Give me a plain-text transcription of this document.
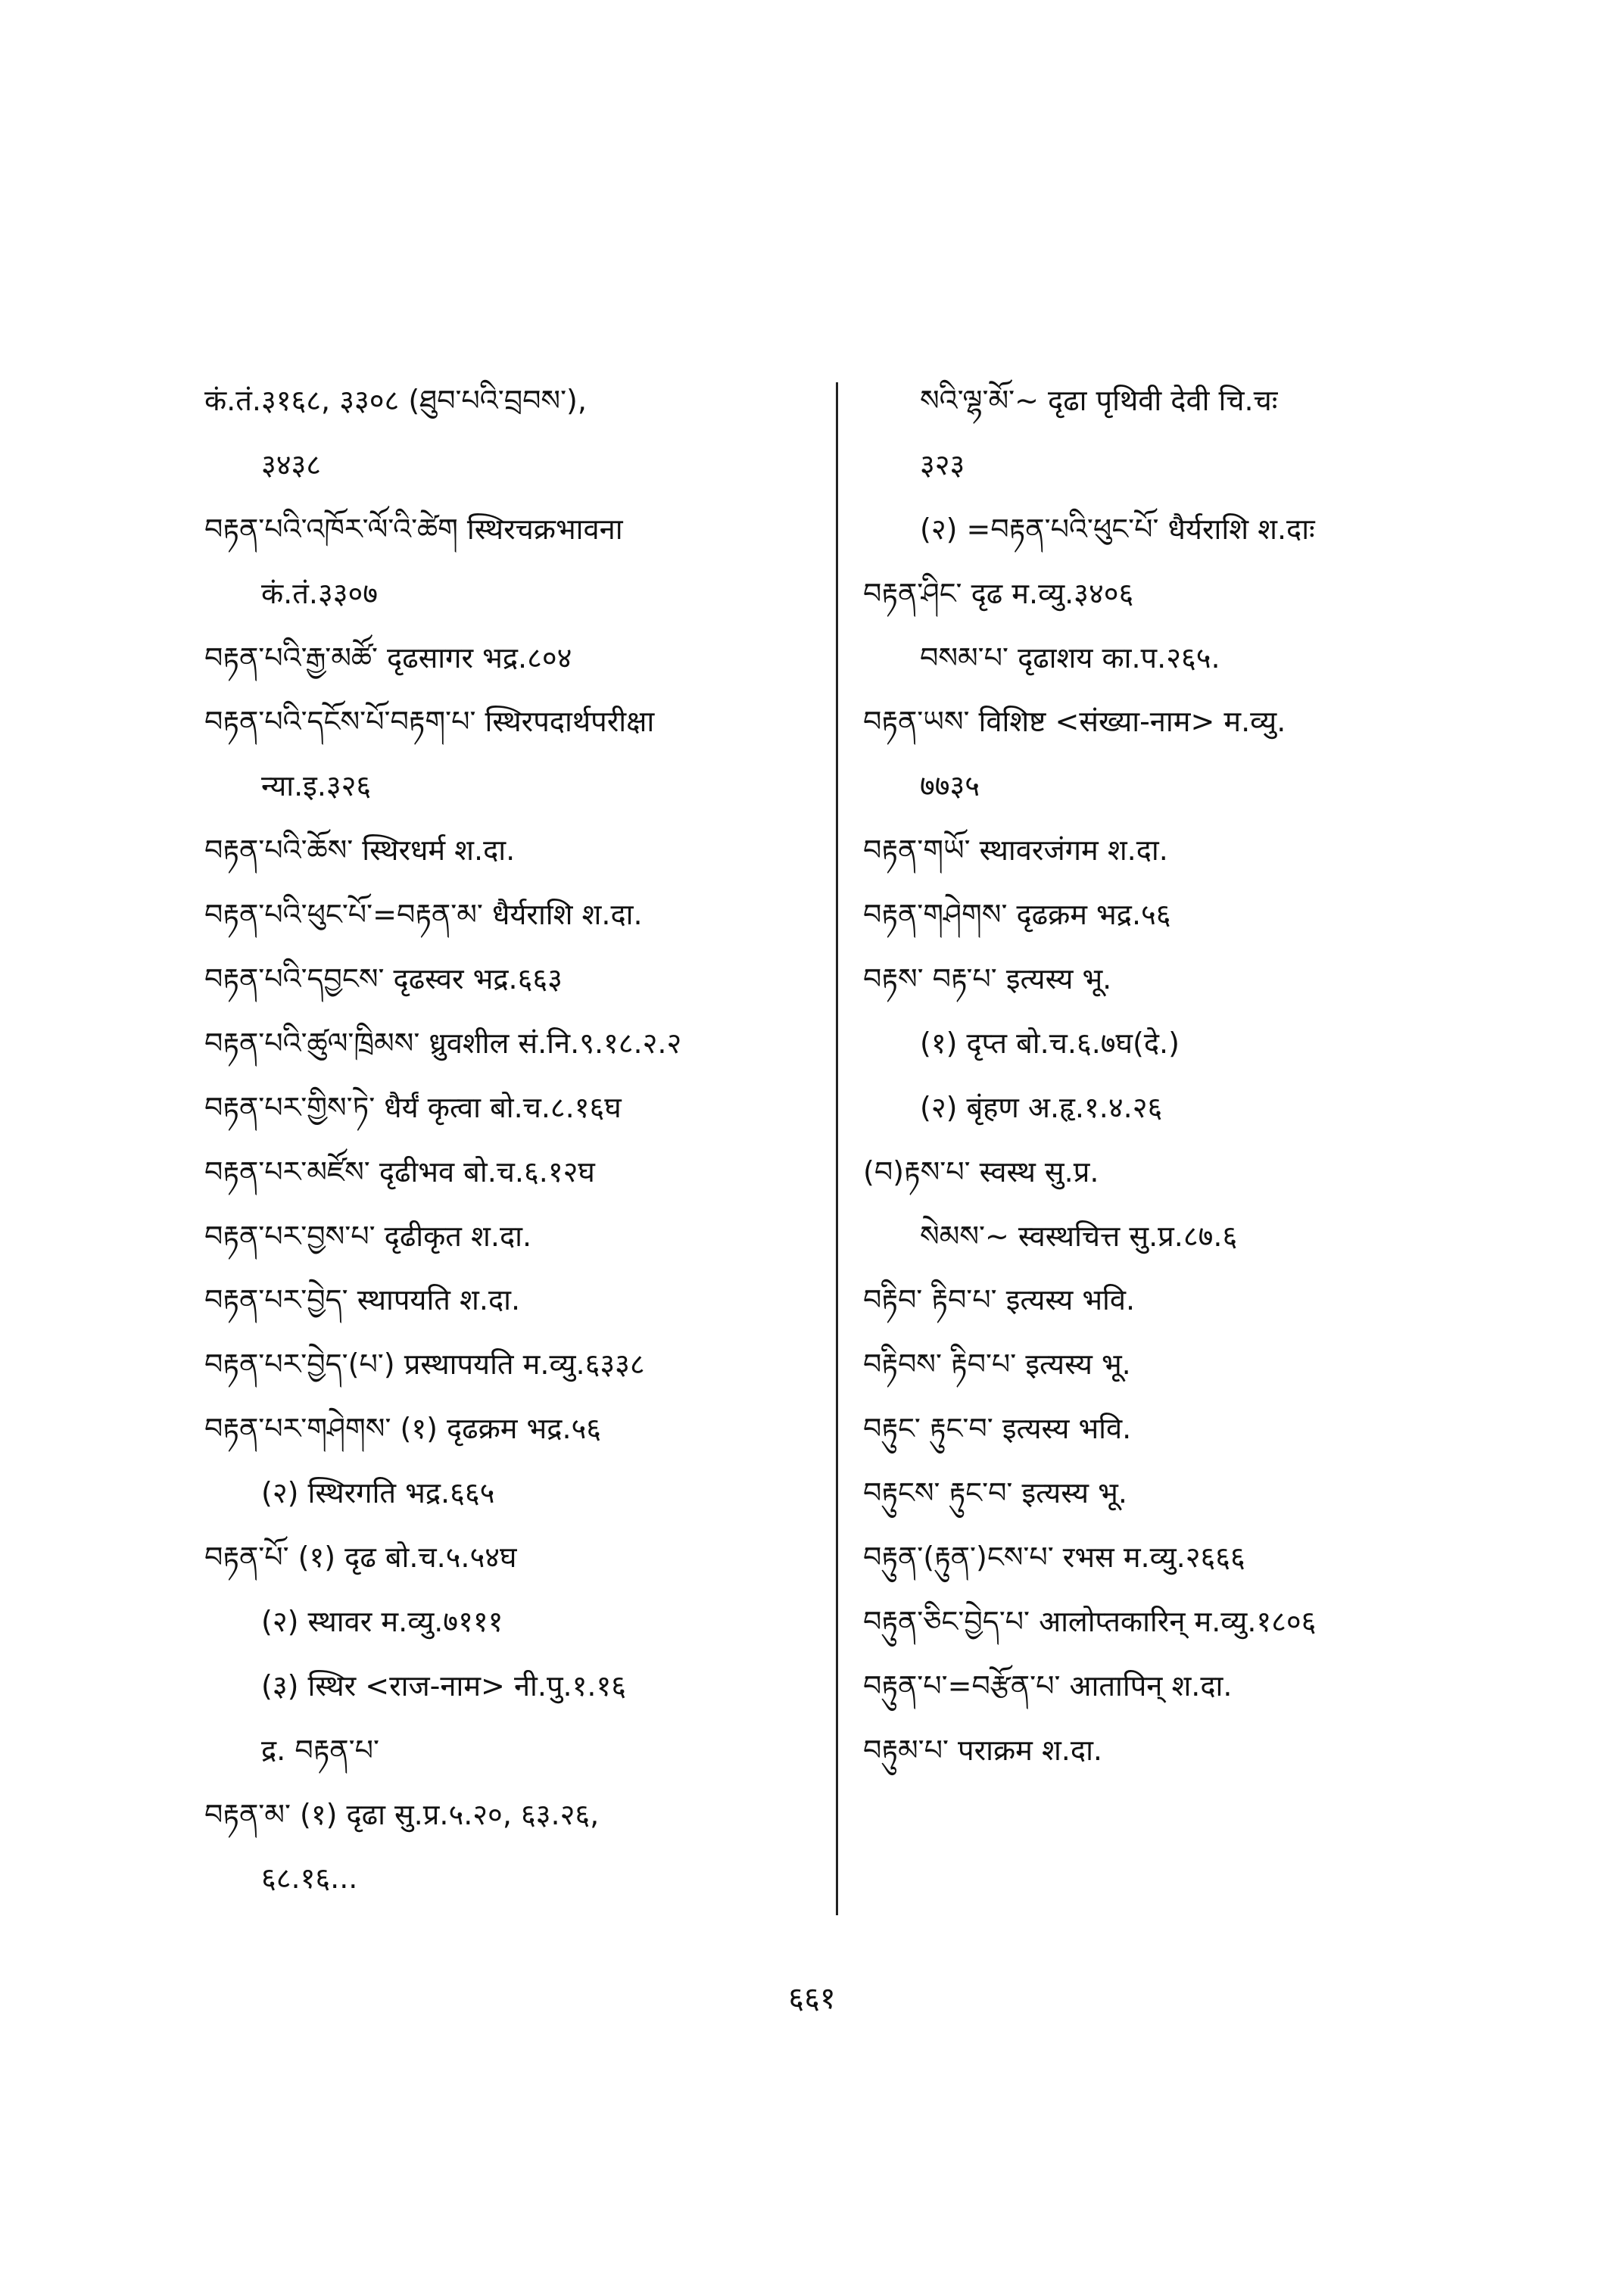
कं.तं.३१६८, ३३०८ (ཐུབ་པའི་བྲབས་),
३४३८
བརྟན་པའི་འཁོར་ལོ་འི་ཚེག स्थिरचक्रभावना
कं.तं.३३०७
བརྟན་པའི་རྒྱ་མཚོ་ दृढसागर भद्र.८०४
བརྟན་པའི་དངོས་པོ་བརྟག་པ་ स्थिरपदार्थपरीक्षा
न्या.इ.३२६
བརྟན་པའི་ཆོས་ स्थिरधर्म श.दा.
བརྟན་པའི་ཕུང་པོ་=བརྟན་མ་ धैर्यराशि श.दा.
བརྟན་པའི་དབྱངས་ दृढस्वर भद्र.६६३
བརྟན་པའི་ཚུལ་ཁྲིམས་ ध्रुवशील सं.नि.९.१८.२.२
བརྟན་པར་གྱིས་ཏེ་ धैर्यं कृत्वा बो.च.८.१६घ
བརྟན་པར་མཛོས་ दृढीभव बो.च.६.१२घ
བརྟན་པར་བྱས་པ་ दृढीकृत श.दा.
བརྟན་པར་བྱེད་ स्थापयति श.दा.
བརྟན་པར་བྱེད་(པ་) प्रस्थापयति म.व्यु.६३३८
བརྟན་པར་གཤེགས་ (१) दृढक्रम भद्र.५६
(२) स्थिरगति भद्र.६६५
བརྟན་པོ་ (१) दृढ बो.च.५.५४घ
(२) स्थावर म.व्यु.७१११
(३) स्थिर <राज-नाम> नी.पु.१.१६
द्र. བརྟན་པ་
བརྟན་མ་ (१) दृढा सु.प्र.५.२०, ६३.२६,
६८.१६...
སའི་ལྷ་མོ་~ दृढा पृथिवी देवी चि.चः
३२३
(२) =བརྟན་པའི་ཕུང་པོ་ धैर्यराशि श.दाः
བརྟན་ཤིང་ दृढ म.व्यु.३४०६
བསམ་པ་ दृढाशय का.प.२६५.
བརྟན་ཡས་ विशिष्ट <संख्या-नाम> म.व्यु.
७७३५
བརྟན་གཡོ་ स्थावरजंगम श.दा.
བརྟན་གཤེགས་ दृढक्रम भद्र.५६
བརྟས་ བརྟ་པ་ इत्यस्य भू.
(१) दृप्त बो.च.६.७घ(दे.)
(२) बृंहण अ.हृ.१.४.२६
(བ)རྟས་པ་ स्वस्थ सु.प्र.
སེམས་~ स्वस्थचित्त सु.प्र.८७.६
བརྟིབ་ རྟིབ་པ་ इत्यस्य भवि.
བརྟིབས་ རྟིབ་པ་ इत्यस्य भू.
བརྟུང་ རྟུང་བ་ इत्यस्य भवि.
བརྟུངས་ རྟུང་བ་ इत्यस्य भू.
བརྟུན་(རྟུན་)ངས་པ་ रभस म.व्यु.२६६६
བརྟུན་ཅིང་བྱེད་པ་ आलोप्तकारिन् म.व्यु.१८०६
བརྟུན་པ་=བརྩོན་པ་ आतापिन् श.दा.
བརྟུམ་པ་ पराक्रम श.दा.
६६१
